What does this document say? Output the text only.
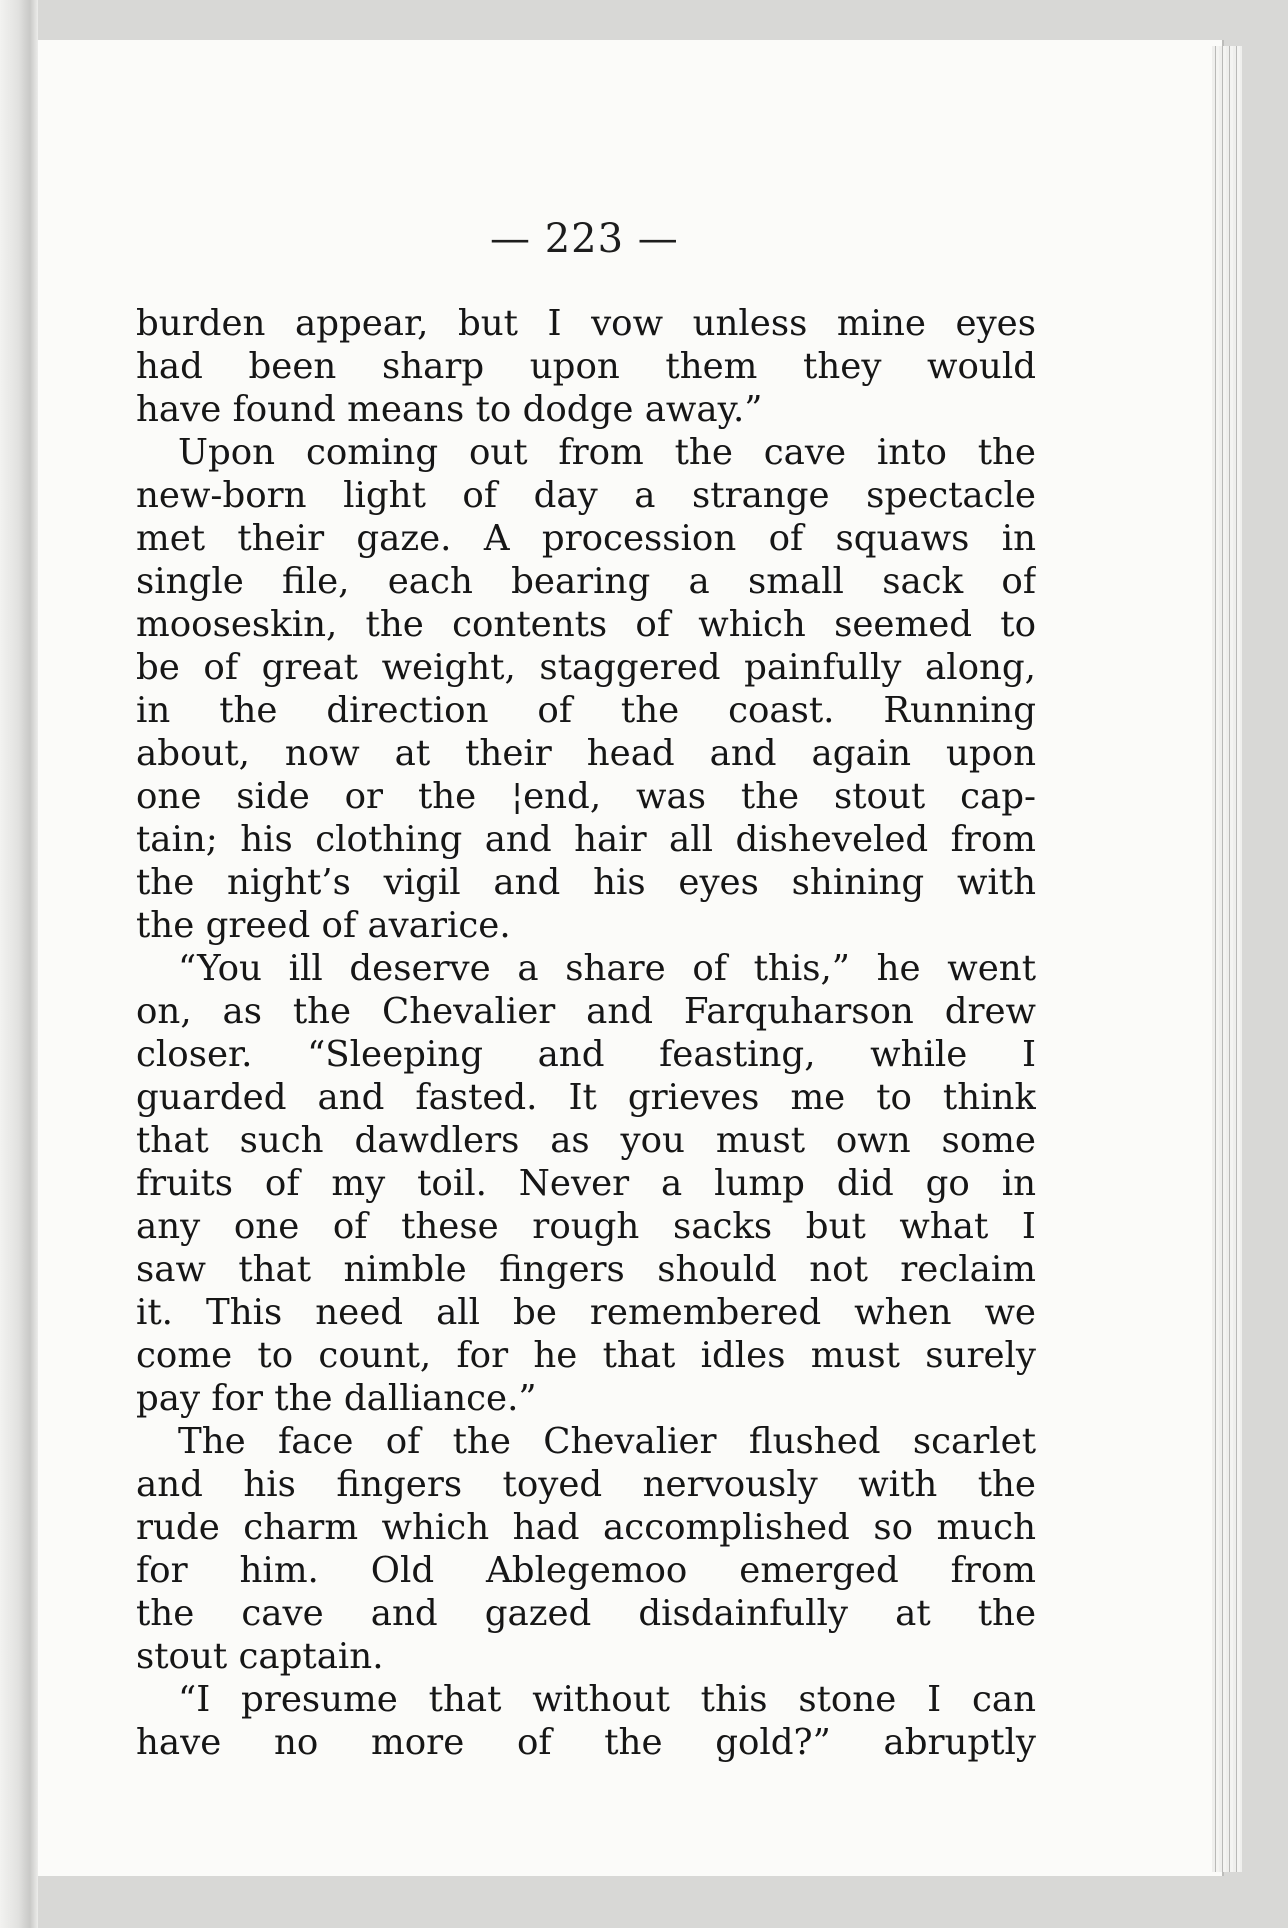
— 223 —
burden appear, but I vow unless mine eyes
had been sharp upon them they would
have found means to dodge away.”
Upon coming out from the cave into the
new-born light of day a strange spectacle
met their gaze. A procession of squaws in
single file, each bearing a small sack of
mooseskin, the contents of which seemed to
be of great weight, staggered painfully along,
in the direction of the coast. Running
about, now at their head and again upon
one side or the ¦end, was the stout cap-
tain; his clothing and hair all disheveled from
the night’s vigil and his eyes shining with
the greed of avarice.
“You ill deserve a share of this,” he went
on, as the Chevalier and Farquharson drew
closer. “Sleeping and feasting, while I
guarded and fasted. It grieves me to think
that such dawdlers as you must own some
fruits of my toil. Never a lump did go in
any one of these rough sacks but what I
saw that nimble fingers should not reclaim
it. This need all be remembered when we
come to count, for he that idles must surely
pay for the dalliance.”
The face of the Chevalier flushed scarlet
and his fingers toyed nervously with the
rude charm which had accomplished so much
for him. Old Ablegemoo emerged from
the cave and gazed disdainfully at the
stout captain.
“I presume that without this stone I can
have no more of the gold?” abruptly
